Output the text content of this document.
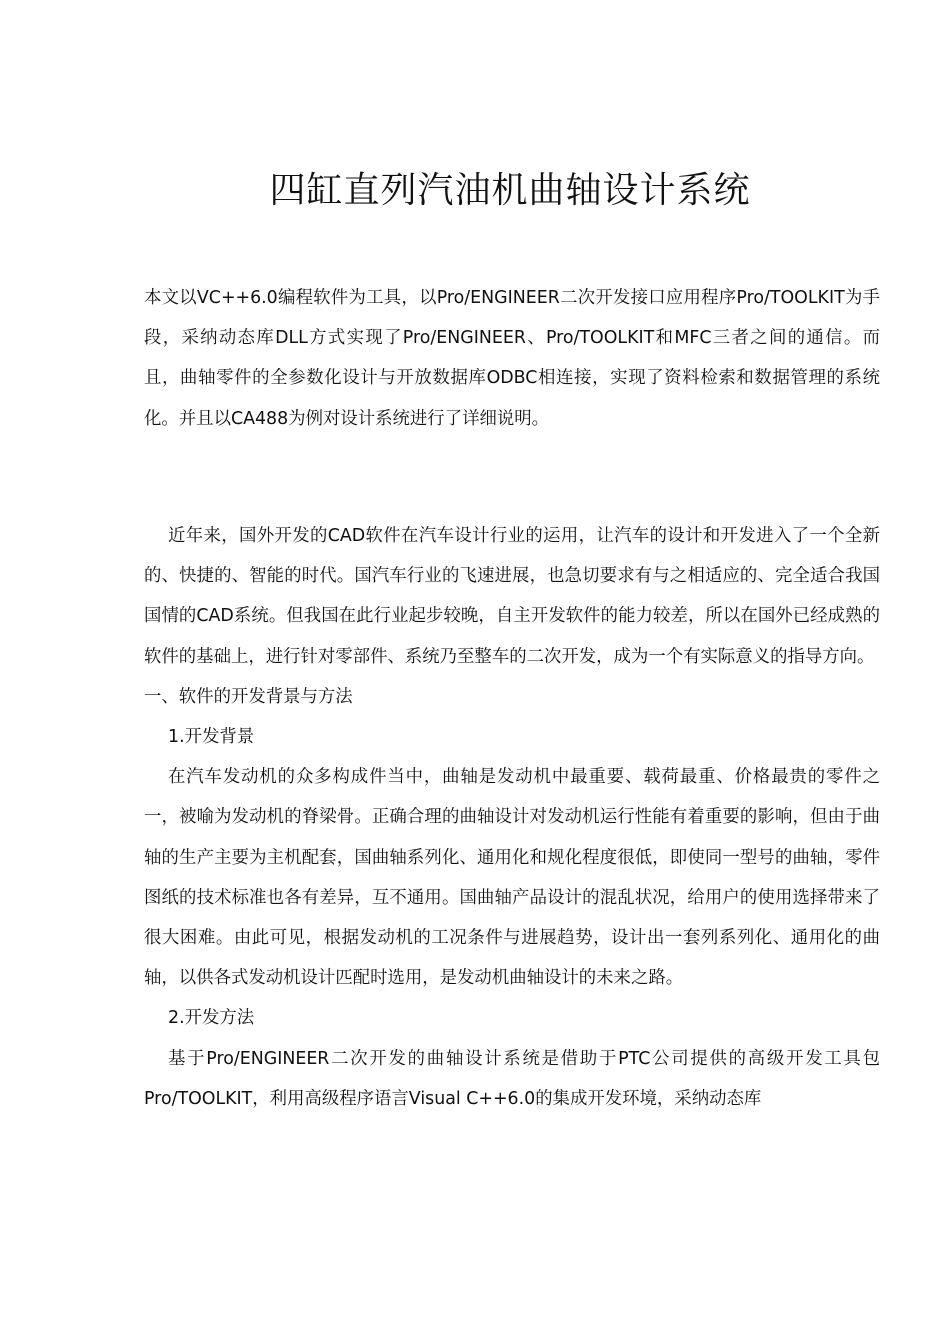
四缸直列汽油机曲轴设计系统

本文以VC++6.0编程软件为工具，以Pro/ENGINEER二次开发接口应用程序Pro/TOOLKIT为手段，采纳动态库DLL方式实现了Pro/ENGINEER、Pro/TOOLKIT和MFC三者之间的通信。而且，曲轴零件的全参数化设计与开放数据库ODBC相连接，实现了资料检索和数据管理的系统化。并且以CA488为例对设计系统进行了详细说明。

近年来，国外开发的CAD软件在汽车设计行业的运用，让汽车的设计和开发进入了一个全新的、快捷的、智能的时代。国汽车行业的飞速进展，也急切要求有与之相适应的、完全适合我国国情的CAD系统。但我国在此行业起步较晚，自主开发软件的能力较差，所以在国外已经成熟的软件的基础上，进行针对零部件、系统乃至整车的二次开发，成为一个有实际意义的指导方向。

一、软件的开发背景与方法

1.开发背景

在汽车发动机的众多构成件当中，曲轴是发动机中最重要、载荷最重、价格最贵的零件之一，被喻为发动机的脊梁骨。正确合理的曲轴设计对发动机运行性能有着重要的影响，但由于曲轴的生产主要为主机配套，国曲轴系列化、通用化和规化程度很低，即使同一型号的曲轴，零件图纸的技术标准也各有差异，互不通用。国曲轴产品设计的混乱状况，给用户的使用选择带来了很大困难。由此可见，根据发动机的工况条件与进展趋势，设计出一套列系列化、通用化的曲轴，以供各式发动机设计匹配时选用，是发动机曲轴设计的未来之路。

2.开发方法

基于Pro/ENGINEER二次开发的曲轴设计系统是借助于PTC公司提供的高级开发工具包Pro/TOOLKIT，利用高级程序语言Visual C++6.0的集成开发环境，采纳动态库
